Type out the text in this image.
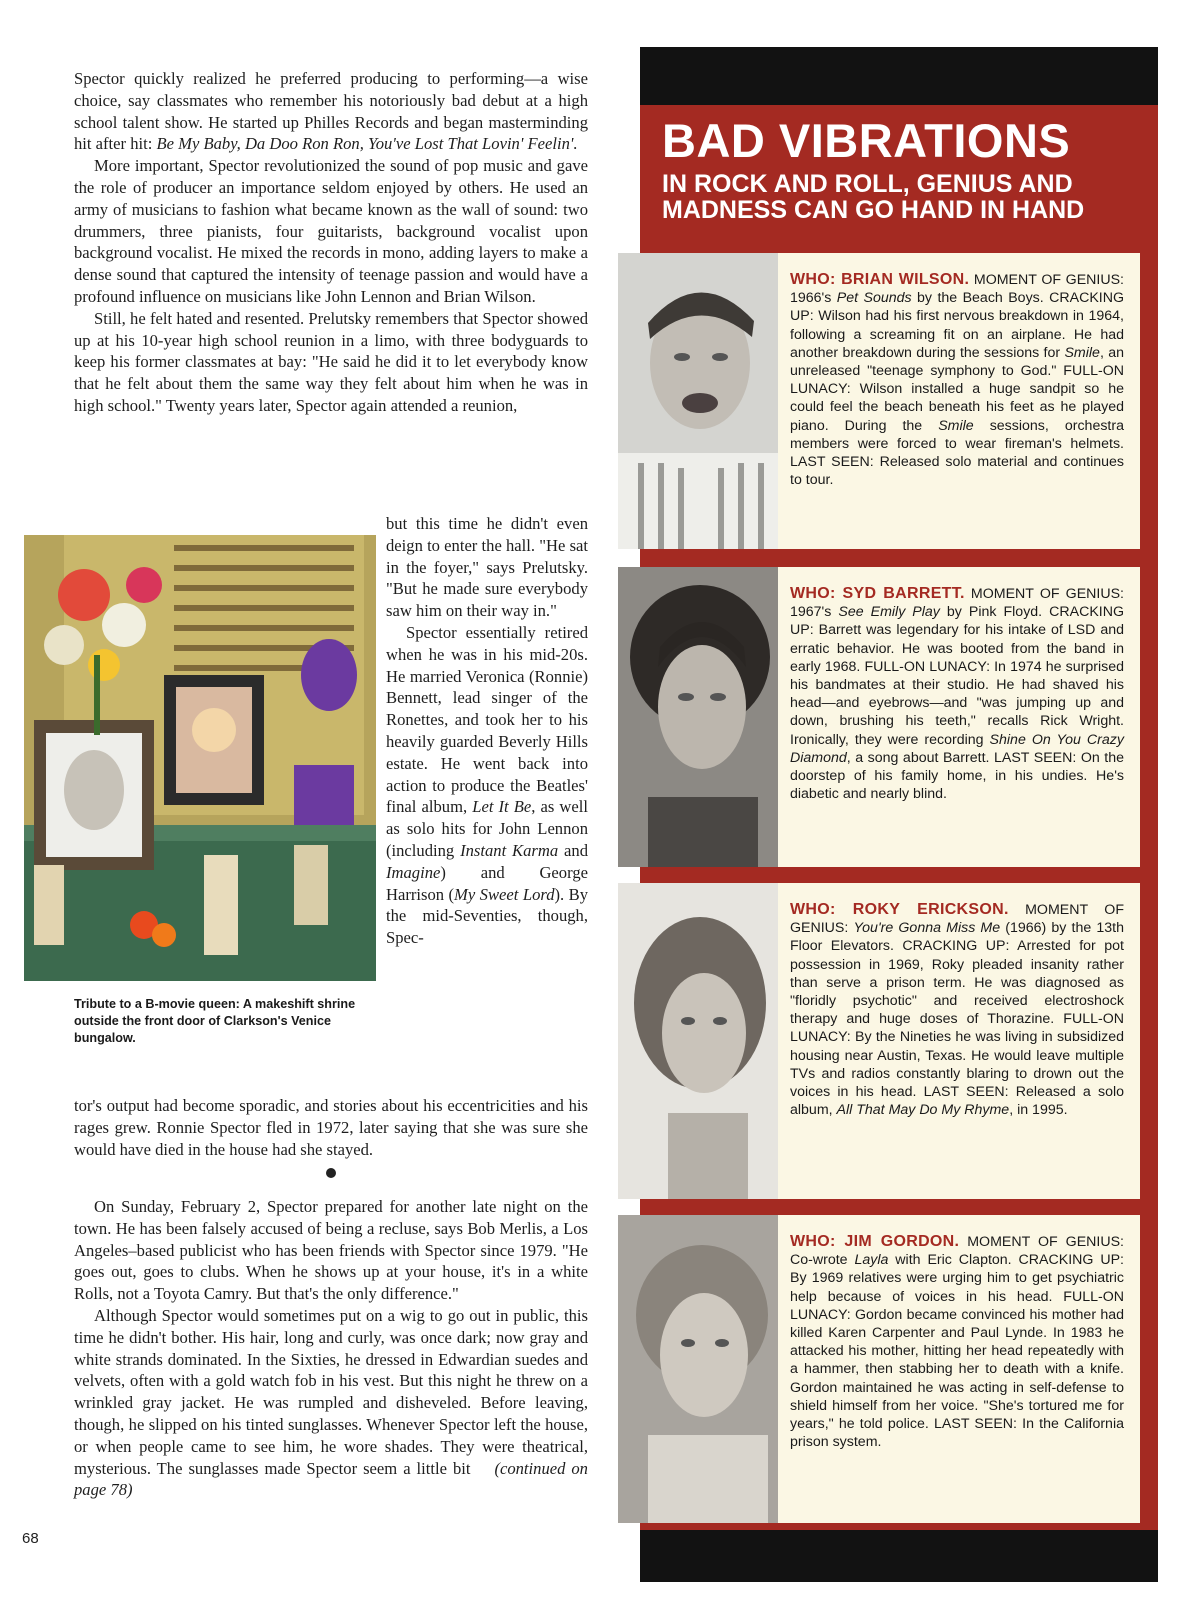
Spector quickly realized he preferred producing to performing—a wise choice, say classmates who remember his notoriously bad debut at a high school talent show. He started up Philles Records and began masterminding hit after hit: Be My Baby, Da Doo Ron Ron, You've Lost That Lovin' Feelin'.

More important, Spector revolutionized the sound of pop music and gave the role of producer an importance seldom enjoyed by others. He used an army of musicians to fashion what became known as the wall of sound: two drummers, three pianists, four guitarists, background vocalist upon background vocalist. He mixed the records in mono, adding layers to make a dense sound that captured the intensity of teenage passion and would have a profound influence on musicians like John Lennon and Brian Wilson.

Still, he felt hated and resented. Prelutsky remembers that Spector showed up at his 10-year high school reunion in a limo, with three bodyguards to keep his former classmates at bay: "He said he did it to let everybody know that he felt about them the same way they felt about him when he was in high school." Twenty years later, Spector again attended a reunion,

Tribute to a B-movie queen: A makeshift shrine outside the front door of Clarkson's Venice bungalow.

but this time he didn't even deign to enter the hall. "He sat in the foyer," says Prelutsky. "But he made sure everybody saw him on their way in."

Spector essentially retired when he was in his mid-20s. He married Veronica (Ronnie) Bennett, lead singer of the Ronettes, and took her to his heavily guarded Beverly Hills estate. He went back into action to produce the Beatles' final album, Let It Be, as well as solo hits for John Lennon (including Instant Karma and Imagine) and George Harrison (My Sweet Lord). By the mid-Seventies, though, Spec-

tor's output had become sporadic, and stories about his eccentricities and his rages grew. Ronnie Spector fled in 1972, later saying that she was sure she would have died in the house had she stayed.

On Sunday, February 2, Spector prepared for another late night on the town. He has been falsely accused of being a recluse, says Bob Merlis, a Los Angeles–based publicist who has been friends with Spector since 1979. "He goes out, goes to clubs. When he shows up at your house, it's in a white Rolls, not a Toyota Camry. But that's the only difference."

Although Spector would sometimes put on a wig to go out in public, this time he didn't bother. His hair, long and curly, was once dark; now gray and white strands dominated. In the Sixties, he dressed in Edwardian suedes and velvets, often with a gold watch fob in his vest. But this night he threw on a wrinkled gray jacket. He was rumpled and disheveled. Before leaving, though, he slipped on his tinted sunglasses. Whenever Spector left the house, or when people came to see him, he wore shades. They were theatrical, mysterious. The sunglasses made Spector seem a little bit (continued on page 78)

68
BAD VIBRATIONS
IN ROCK AND ROLL, GENIUS AND MADNESS CAN GO HAND IN HAND
WHO: BRIAN WILSON. MOMENT OF GENIUS: 1966's Pet Sounds by the Beach Boys. CRACKING UP: Wilson had his first nervous breakdown in 1964, following a screaming fit on an airplane. He had another breakdown during the sessions for Smile, an unreleased "teenage symphony to God." FULL-ON LUNACY: Wilson installed a huge sandpit so he could feel the beach beneath his feet as he played piano. During the Smile sessions, orchestra members were forced to wear fireman's helmets. LAST SEEN: Released solo material and continues to tour.
WHO: SYD BARRETT. MOMENT OF GENIUS: 1967's See Emily Play by Pink Floyd. CRACKING UP: Barrett was legendary for his intake of LSD and erratic behavior. He was booted from the band in early 1968. FULL-ON LUNACY: In 1974 he surprised his bandmates at their studio. He had shaved his head—and eyebrows—and "was jumping up and down, brushing his teeth," recalls Rick Wright. Ironically, they were recording Shine On You Crazy Diamond, a song about Barrett. LAST SEEN: On the doorstep of his family home, in his undies. He's diabetic and nearly blind.
WHO: ROKY ERICKSON. MOMENT OF GENIUS: You're Gonna Miss Me (1966) by the 13th Floor Elevators. CRACKING UP: Arrested for pot possession in 1969, Roky pleaded insanity rather than serve a prison term. He was diagnosed as "floridly psychotic" and received electroshock therapy and huge doses of Thorazine. FULL-ON LUNACY: By the Nineties he was living in subsidized housing near Austin, Texas. He would leave multiple TVs and radios constantly blaring to drown out the voices in his head. LAST SEEN: Released a solo album, All That May Do My Rhyme, in 1995.
WHO: JIM GORDON. MOMENT OF GENIUS: Co-wrote Layla with Eric Clapton. CRACKING UP: By 1969 relatives were urging him to get psychiatric help because of voices in his head. FULL-ON LUNACY: Gordon became convinced his mother had killed Karen Carpenter and Paul Lynde. In 1983 he attacked his mother, hitting her head repeatedly with a hammer, then stabbing her to death with a knife. Gordon maintained he was acting in self-defense to shield himself from her voice. "She's tortured me for years," he told police. LAST SEEN: In the California prison system.
